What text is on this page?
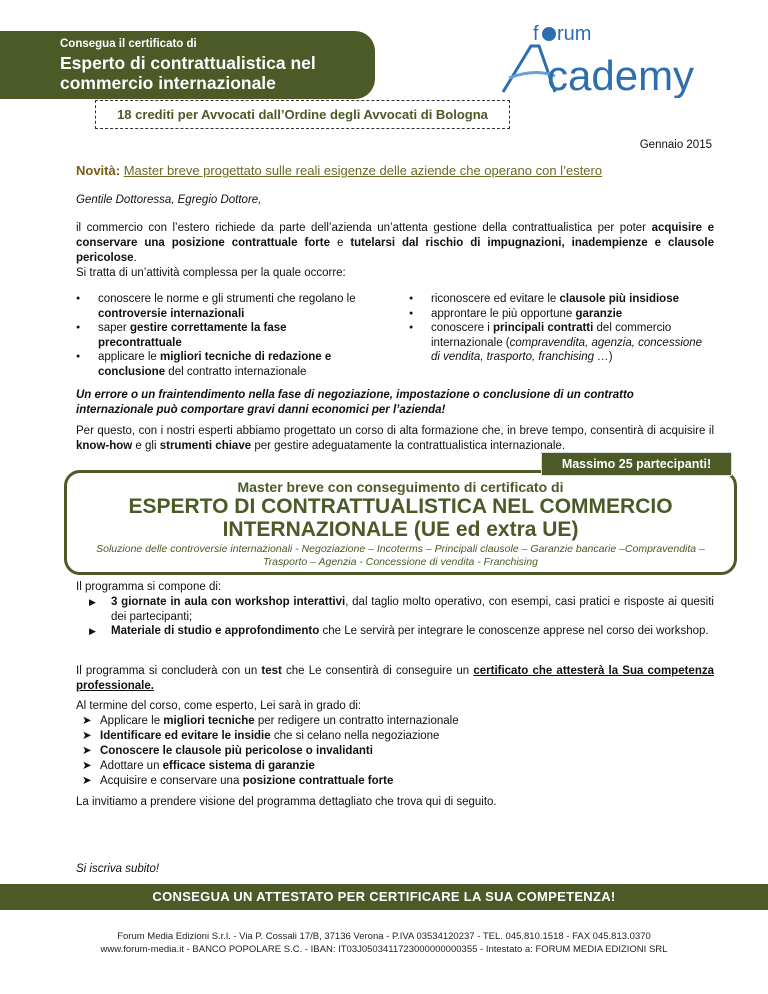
Consegua il certificato di
Esperto di contrattualistica nel
commercio internazionale
f rum
cademy
18 crediti per Avvocati dall’Ordine degli Avvocati di Bologna
Gennaio 2015
Novità: Master breve progettato sulle reali esigenze delle aziende che operano con l’estero
Gentile Dottoressa, Egregio Dottore,
il commercio con l’estero richiede da parte dell’azienda un’attenta gestione della contrattualistica per poter acquisire e conservare una posizione contrattuale forte e tutelarsi dal rischio di impugnazioni, inadempienze e clausole pericolose.
Si tratta di un’attività complessa per la quale occorre:
● conoscere le norme e gli strumenti che regolano le controversie internazionali
● saper gestire correttamente la fase precontrattuale
● applicare le migliori tecniche di redazione e conclusione del contratto internazionale
● riconoscere ed evitare le clausole più insidiose
● approntare le più opportune garanzie
● conoscere i principali contratti del commercio internazionale (compravendita, agenzia, concessione di vendita, trasporto, franchising …)
Un errore o un fraintendimento nella fase di negoziazione, impostazione o conclusione di un contratto internazionale può comportare gravi danni economici per l’azienda!
Per questo, con i nostri esperti abbiamo progettato un corso di alta formazione che, in breve tempo, consentirà di acquisire il know-how e gli strumenti chiave per gestire adeguatamente la contrattualistica internazionale.
Master breve con conseguimento di certificato di
ESPERTO DI CONTRATTUALISTICA NEL COMMERCIO
INTERNAZIONALE (UE ed extra UE)
Soluzione delle controversie internazionali - Negoziazione – Incoterms – Principali clausole – Garanzie bancarie –Compravendita –
Trasporto – Agenzia - Concessione di vendita - Franchising
Massimo 25 partecipanti!
Il programma si compone di:
▶ 3 giornate in aula con workshop interattivi, dal taglio molto operativo, con esempi, casi pratici e risposte ai quesiti dei partecipanti;
▶ Materiale di studio e approfondimento che Le servirà per integrare le conoscenze apprese nel corso dei workshop.
Il programma si concluderà con un test che Le consentirà di conseguire un certificato che attesterà la Sua competenza professionale.
Al termine del corso, come esperto, Lei sarà in grado di:
➤ Applicare le migliori tecniche per redigere un contratto internazionale
➤ Identificare ed evitare le insidie che si celano nella negoziazione
➤ Conoscere le clausole più pericolose o invalidanti
➤ Adottare un efficace sistema di garanzie
➤ Acquisire e conservare una posizione contrattuale forte
La invitiamo a prendere visione del programma dettagliato che trova qui di seguito.
Si iscriva subito!
CONSEGUA UN ATTESTATO PER CERTIFICARE LA SUA COMPETENZA!
Forum Media Edizioni S.r.l. - Via P. Cossali 17/B, 37136 Verona - P.IVA 03534120237 - TEL. 045.810.1518 - FAX 045.813.0370
www.forum-media.it - BANCO POPOLARE S.C. - IBAN: IT03J0503411723000000000355 - Intestato a: FORUM MEDIA EDIZIONI SRL
